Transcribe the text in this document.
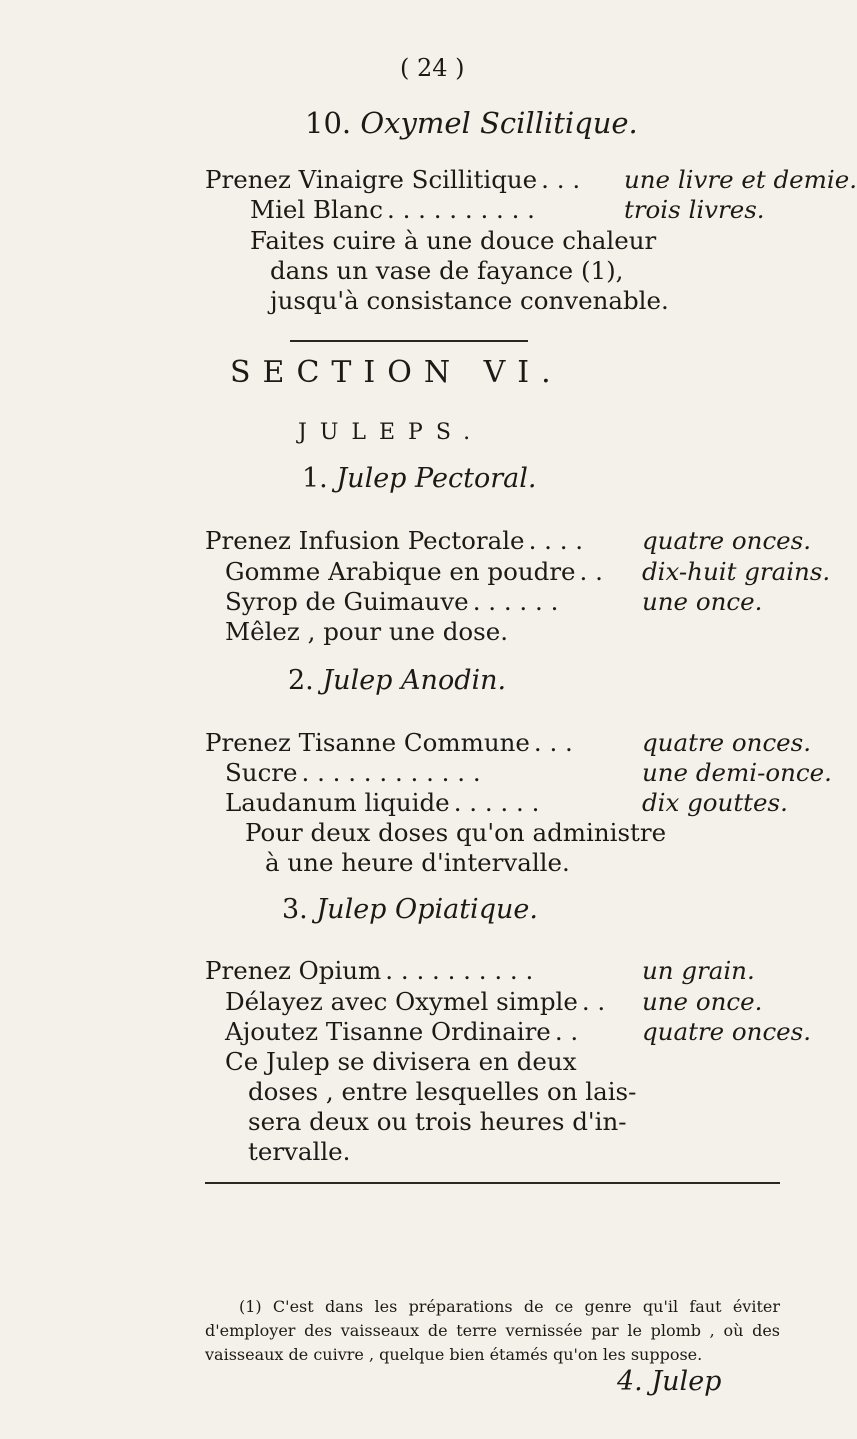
( 24 )
10. Oxymel Scillitique.
Prenez Vinaigre Scillitique . . . une livre et demie.
Miel Blanc . . . . . . . . . .	trois livres.
Faites cuire à une douce chaleur
dans un vase de fayance (1),
jusqu'à consistance convenable.
SECTION VI.
JULEPS.
1. Julep Pectoral.
Prenez Infusion Pectorale . . . . quatre onces.
Gomme Arabique en poudre . . dix-huit grains.
Syrop de Guimauve . . . . . .	une once.
Mêlez , pour une dose.
2. Julep Anodin.
Prenez Tisanne Commune . . .	quatre onces.
Sucre . . . . . . . . . . . .	une demi-once.
Laudanum liquide . . . . . .	dix gouttes.
Pour deux doses qu'on administre
à une heure d'intervalle.
3. Julep Opiatique.
Prenez Opium . . . . . . . . . .	un grain.
Délayez avec Oxymel simple . . une once.
Ajoutez Tisanne Ordinaire . .	quatre onces.
Ce Julep se divisera en deux
doses , entre lesquelles on lais-
sera deux ou trois heures d'in-
tervalle.
(1) C'est dans les préparations de ce genre qu'il faut éviter d'employer des vaisseaux de terre vernissée par le plomb , où des vaisseaux de cuivre , quelque bien étamés qu'on les suppose.
4. Julep
